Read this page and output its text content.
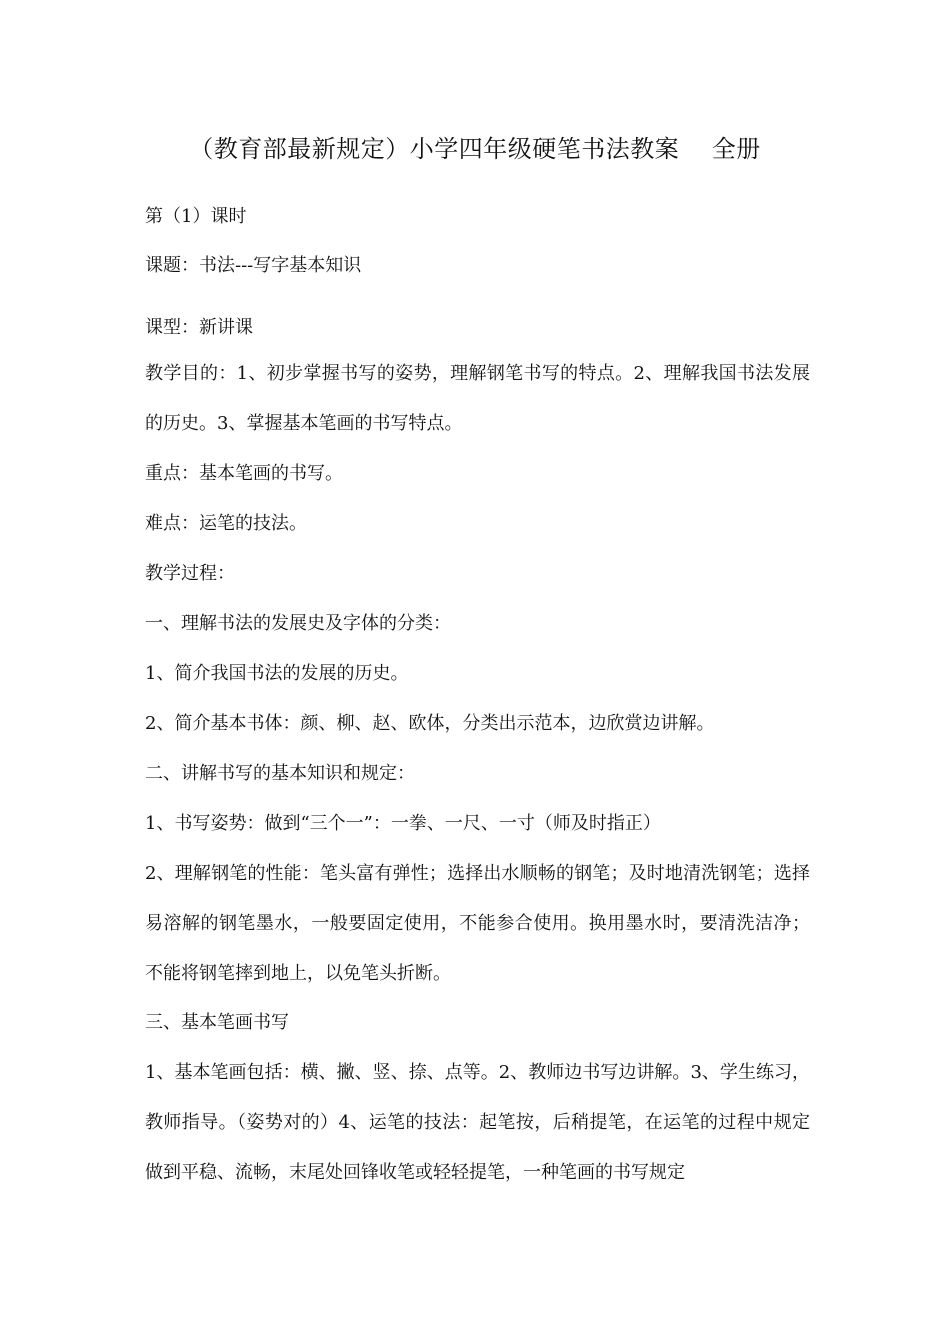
（教育部最新规定）小学四年级硬笔书法教案    全册
第（1）课时
课题：书法---写字基本知识
课型：新讲课
教学目的：1、初步掌握书写的姿势，理解钢笔书写的特点。2、理解我国书法发展的历史。3、掌握基本笔画的书写特点。
重点：基本笔画的书写。
难点：运笔的技法。
教学过程：
一、理解书法的发展史及字体的分类：
1、简介我国书法的发展的历史。
2、简介基本书体：颜、柳、赵、欧体，分类出示范本，边欣赏边讲解。
二、讲解书写的基本知识和规定：
1、书写姿势：做到“三个一”：一拳、一尺、一寸（师及时指正）
2、理解钢笔的性能：笔头富有弹性；选择出水顺畅的钢笔；及时地清洗钢笔；选择易溶解的钢笔墨水，一般要固定使用，不能参合使用。换用墨水时，要清洗洁净；不能将钢笔摔到地上，以免笔头折断。
三、基本笔画书写
1、基本笔画包括：横、撇、竖、捺、点等。2、教师边书写边讲解。3、学生练习，教师指导。（姿势对的）4、运笔的技法：起笔按，后稍提笔，在运笔的过程中规定做到平稳、流畅，末尾处回锋收笔或轻轻提笔，一种笔画的书写规定
